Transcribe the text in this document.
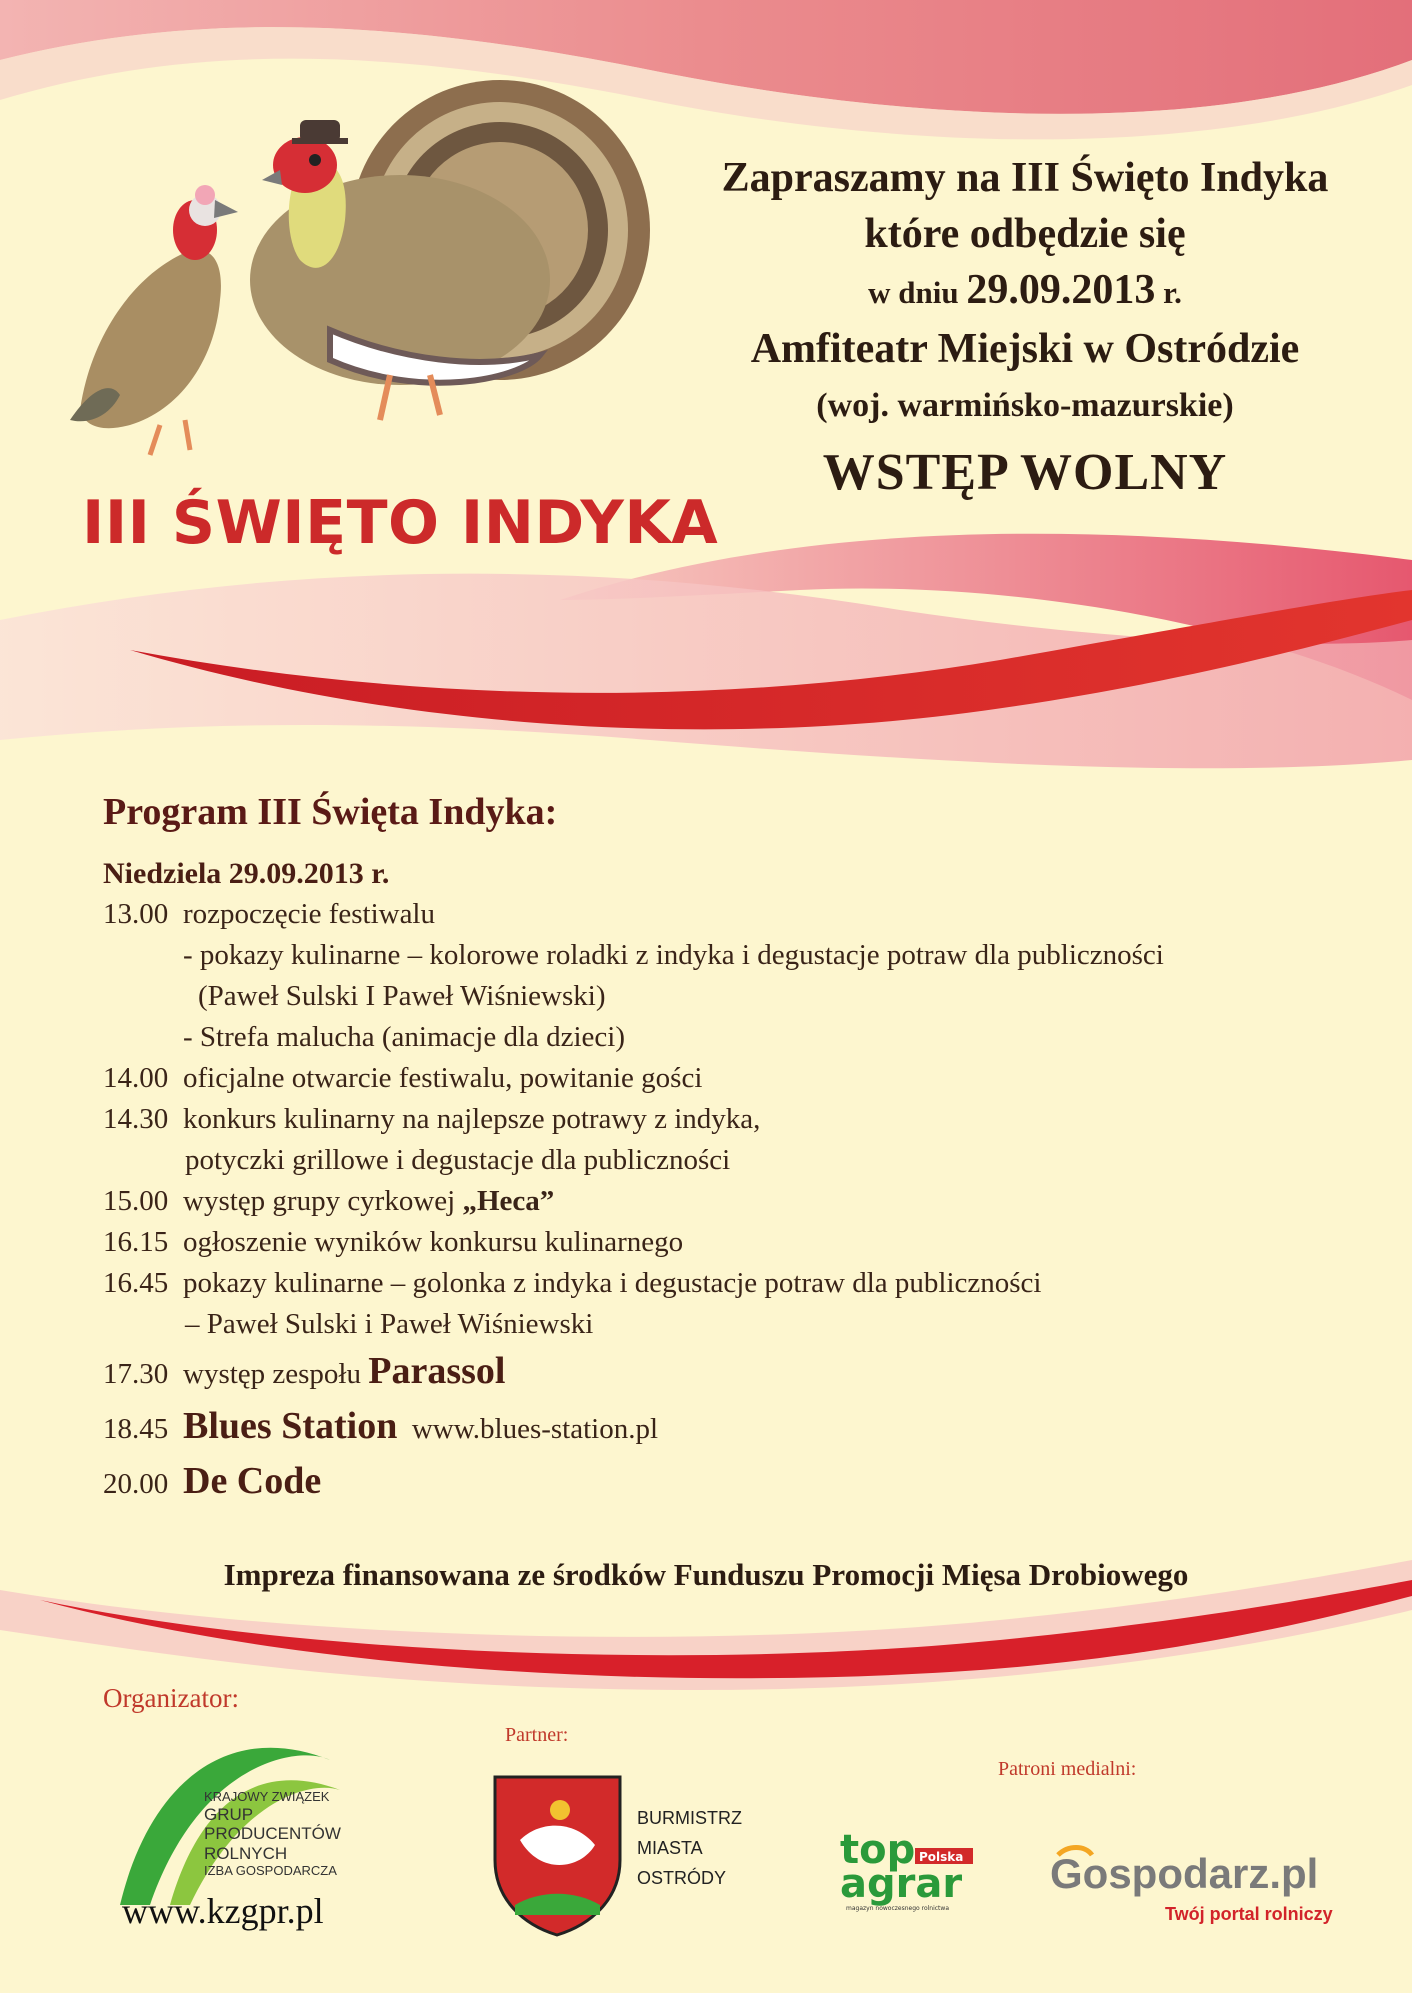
top
agrar
Polska
magazyn nowoczesnego rolnictwa
Zapraszamy na III Święto Indyka
które odbędzie się
w dniu 29.09.2013 r.
Amfiteatr Miejski w Ostródzie
(woj. warmińsko-mazurskie)
WSTĘP WOLNY
III ŚWIĘTO INDYKA
Program III Święta Indyka:
Niedziela 29.09.2013 r.
13.00 rozpoczęcie festiwalu
- pokazy kulinarne – kolorowe roladki z indyka i degustacje potraw dla publiczności
(Paweł Sulski I Paweł Wiśniewski)
- Strefa malucha (animacje dla dzieci)
14.00 oficjalne otwarcie festiwalu, powitanie gości
14.30 konkurs kulinarny na najlepsze potrawy z indyka,
potyczki grillowe i degustacje dla publiczności
15.00 występ grupy cyrkowej „Heca”
16.15 ogłoszenie wyników konkursu kulinarnego
16.45 pokazy kulinarne – golonka z indyka i degustacje potraw dla publiczności
– Paweł Sulski i Paweł Wiśniewski
17.30 występ zespołu Parassol
18.45 Blues Station www.blues-station.pl
20.00 De Code
Impreza finansowana ze środków Funduszu Promocji Mięsa Drobiowego
Organizator:
KRAJOWY ZWIĄZEK
GRUP
PRODUCENTÓW
ROLNYCH
IZBA GOSPODARCZA
www.kzgpr.pl
Partner:
BURMISTRZ
MIASTA
OSTRÓDY
Patroni medialni:
Gospodarz.pl
Twój portal rolniczy
